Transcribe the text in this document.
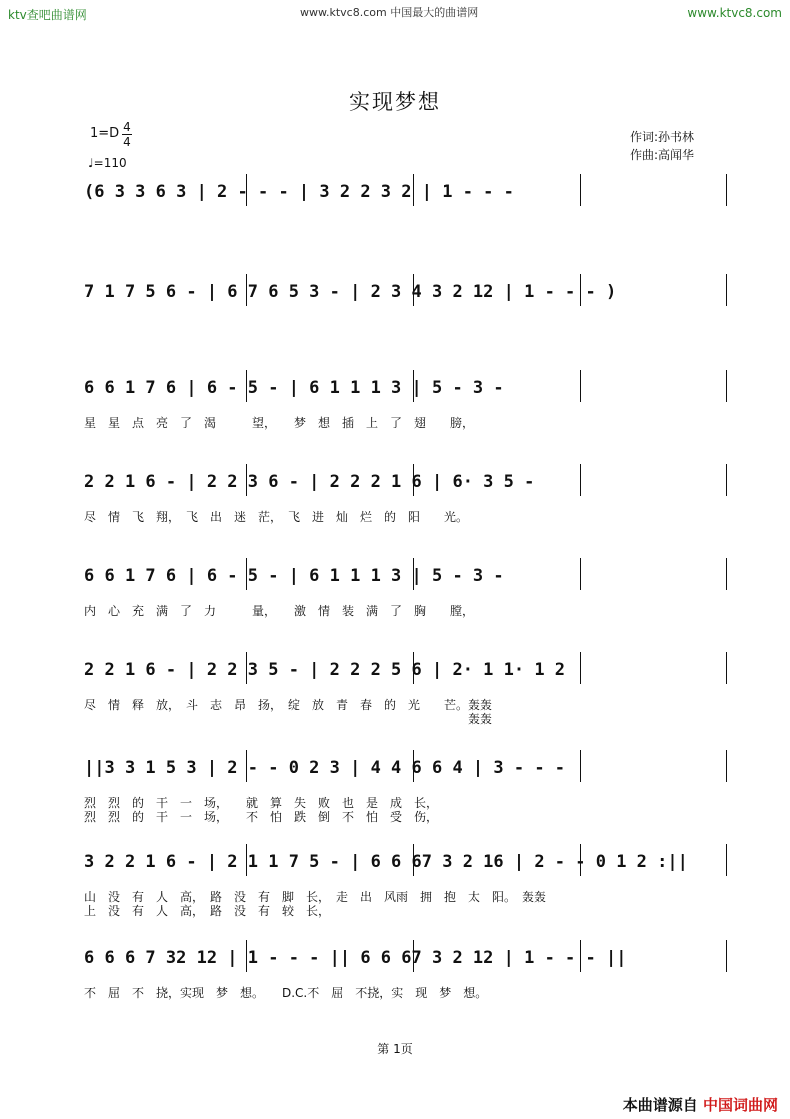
ktv查吧曲谱网	www.ktvc8.com 中国最大的曲谱网	www.ktvc8.com
实现梦想
1=D 4
4
♩=110
作词:孙书林
作曲:高闻华
(6 3 3 6 3 | 2 - - - | 3 2 2 3 2 | 1 - - -
7 1 7 5 6 - | 6 7 6 5 3 - | 2 3 4 3 2 12 | 1 - - - )
6 6 1 7 6 | 6 - 5 - | 6 1 1 1 3 | 5 - 3 -
星　星　点　亮　了　渴　　　望，　　梦　想　插　上　了　翅　　膀，
2 2 1 6 - | 2 2 3 6 - | 2 2 2 1 6 | 6· 3 5 -
尽　情　飞　翔，　飞　出　迷　茫，　飞　进　灿　烂　的　阳　　光。
6 6 1 7 6 | 6 - 5 - | 6 1 1 1 3 | 5 - 3 -
内　心　充　满　了　力　　　量，　　激　情　装　满　了　胸　　膛，
2 2 1 6 - | 2 2 3 5 - | 2 2 2 5 6 | 2· 1 1· 1 2
尽　情　释　放，　斗　志　昂　扬，　绽　放　青　春　的　光　　芒。轰轰
　　　　　　　　　　　　　　　　　　　　　　　　　　　　　　　　轰轰
||3 3 1 5 3 | 2 - - 0 2 3 | 4 4 6 6 4 | 3 - - -
烈　烈　的　干　一　场，　　就　算　失　败　也　是　成　长，
烈　烈　的　干　一　场，　　不　怕　跌　倒　不　怕　受　伤，
3 2 2 1 6 - | 2 1 1 7 5 - | 6 6 67 3 2 16 | 2 - - 0 1 2 :||
山　没　有　人　高，　路　没　有　脚　长，　走　出　风雨　拥　抱　太　阳。　轰轰
上　没　有　人　高，　路　没　有　较　长，
6 6 6 7 32 12 | 1 - - - || 6 6 67 3 2 12 | 1 - - - ||
不　屈　不　挠，实现　梦　想。　　D.C.不　屈　不挠，实　现　梦　想。
第 1页
本曲谱源自 中国词曲网
